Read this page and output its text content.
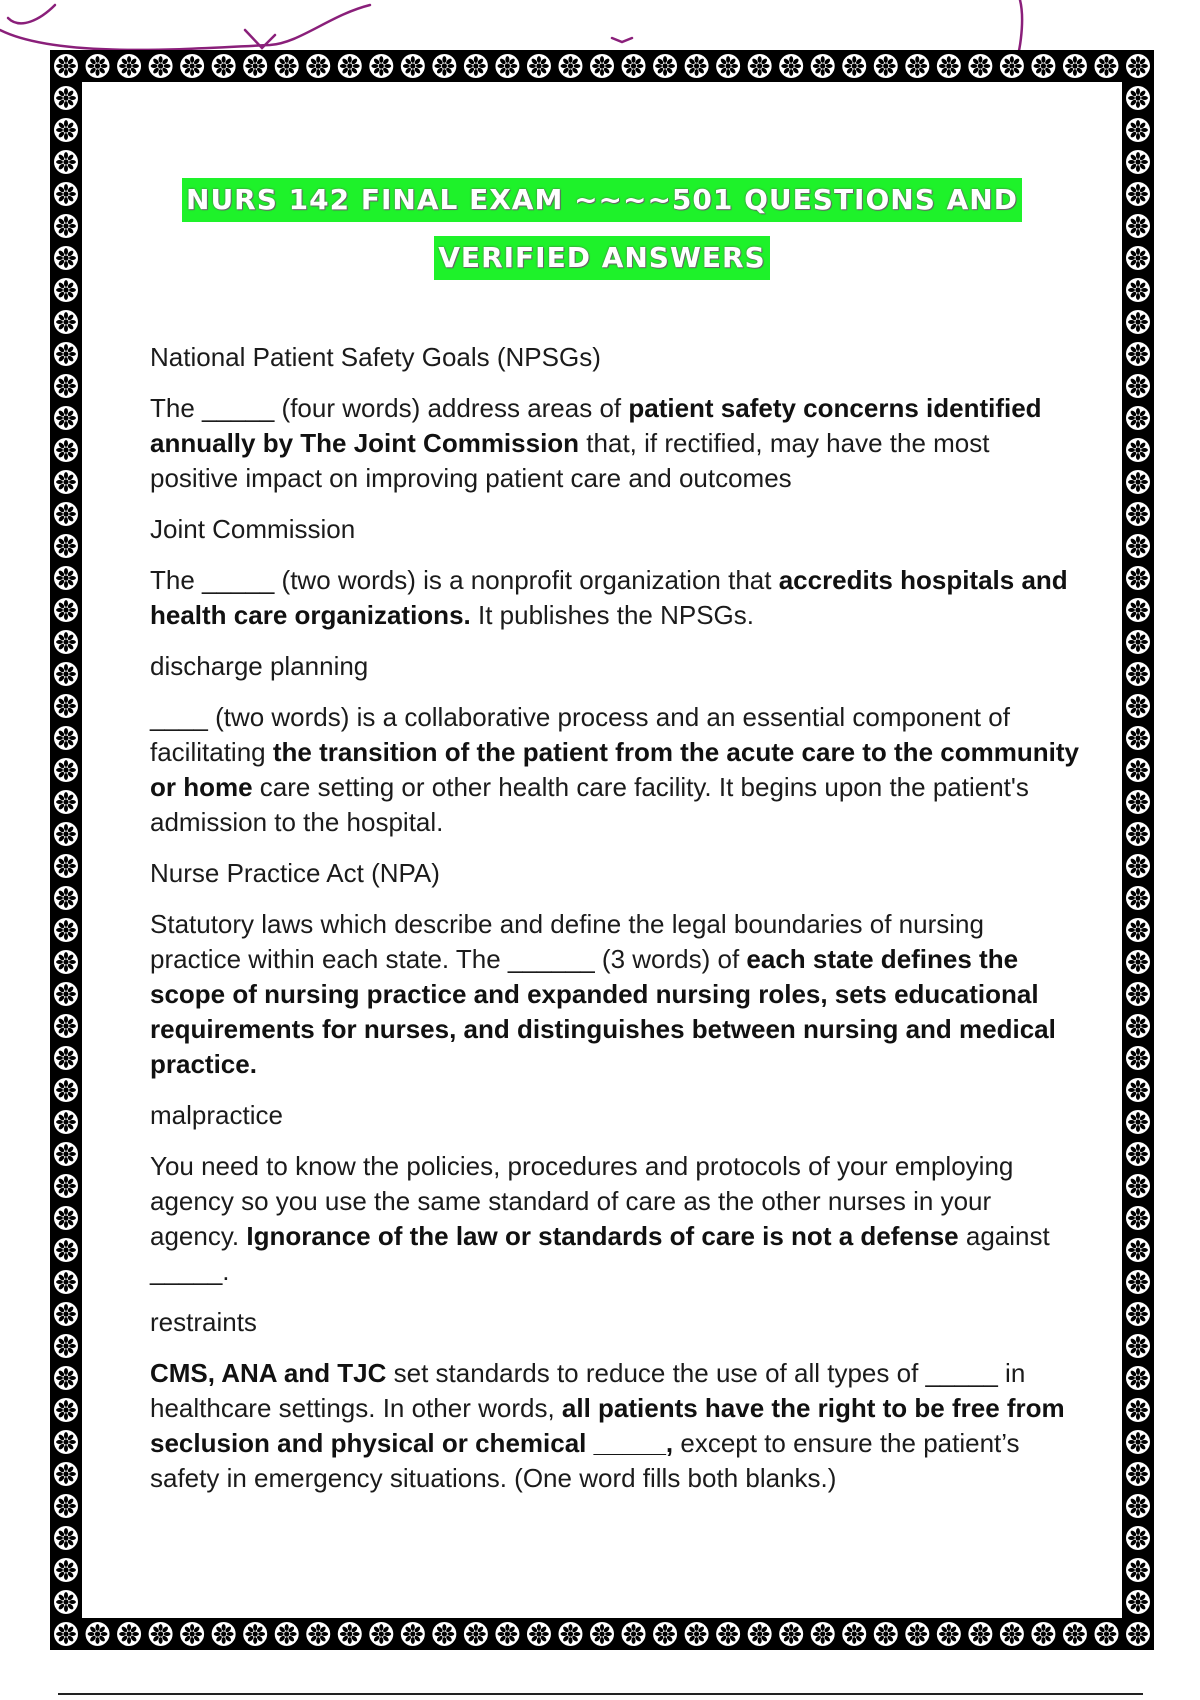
NURS 142 FINAL EXAM ~~~~501 QUESTIONS AND
VERIFIED ANSWERS
National Patient Safety Goals (NPSGs)
The _____ (four words) address areas of patient safety concerns identified annually by The Joint Commission that, if rectified, may have the most positive impact on improving patient care and outcomes
Joint Commission
The _____ (two words) is a nonprofit organization that accredits hospitals and health care organizations. It publishes the NPSGs.
discharge planning
____ (two words) is a collaborative process and an essential component of facilitating the transition of the patient from the acute care to the community or home care setting or other health care facility. It begins upon the patient's admission to the hospital.
Nurse Practice Act (NPA)
Statutory laws which describe and define the legal boundaries of nursing practice within each state. The ______ (3 words) of each state defines the scope of nursing practice and expanded nursing roles, sets educational requirements for nurses, and distinguishes between nursing and medical practice.
malpractice
You need to know the policies, procedures and protocols of your employing agency so you use the same standard of care as the other nurses in your agency. Ignorance of the law or standards of care is not a defense against _____.
restraints
CMS, ANA and TJC set standards to reduce the use of all types of _____ in healthcare settings. In other words, all patients have the right to be free from seclusion and physical or chemical _____, except to ensure the patient’s safety in emergency situations. (One word fills both blanks.)
